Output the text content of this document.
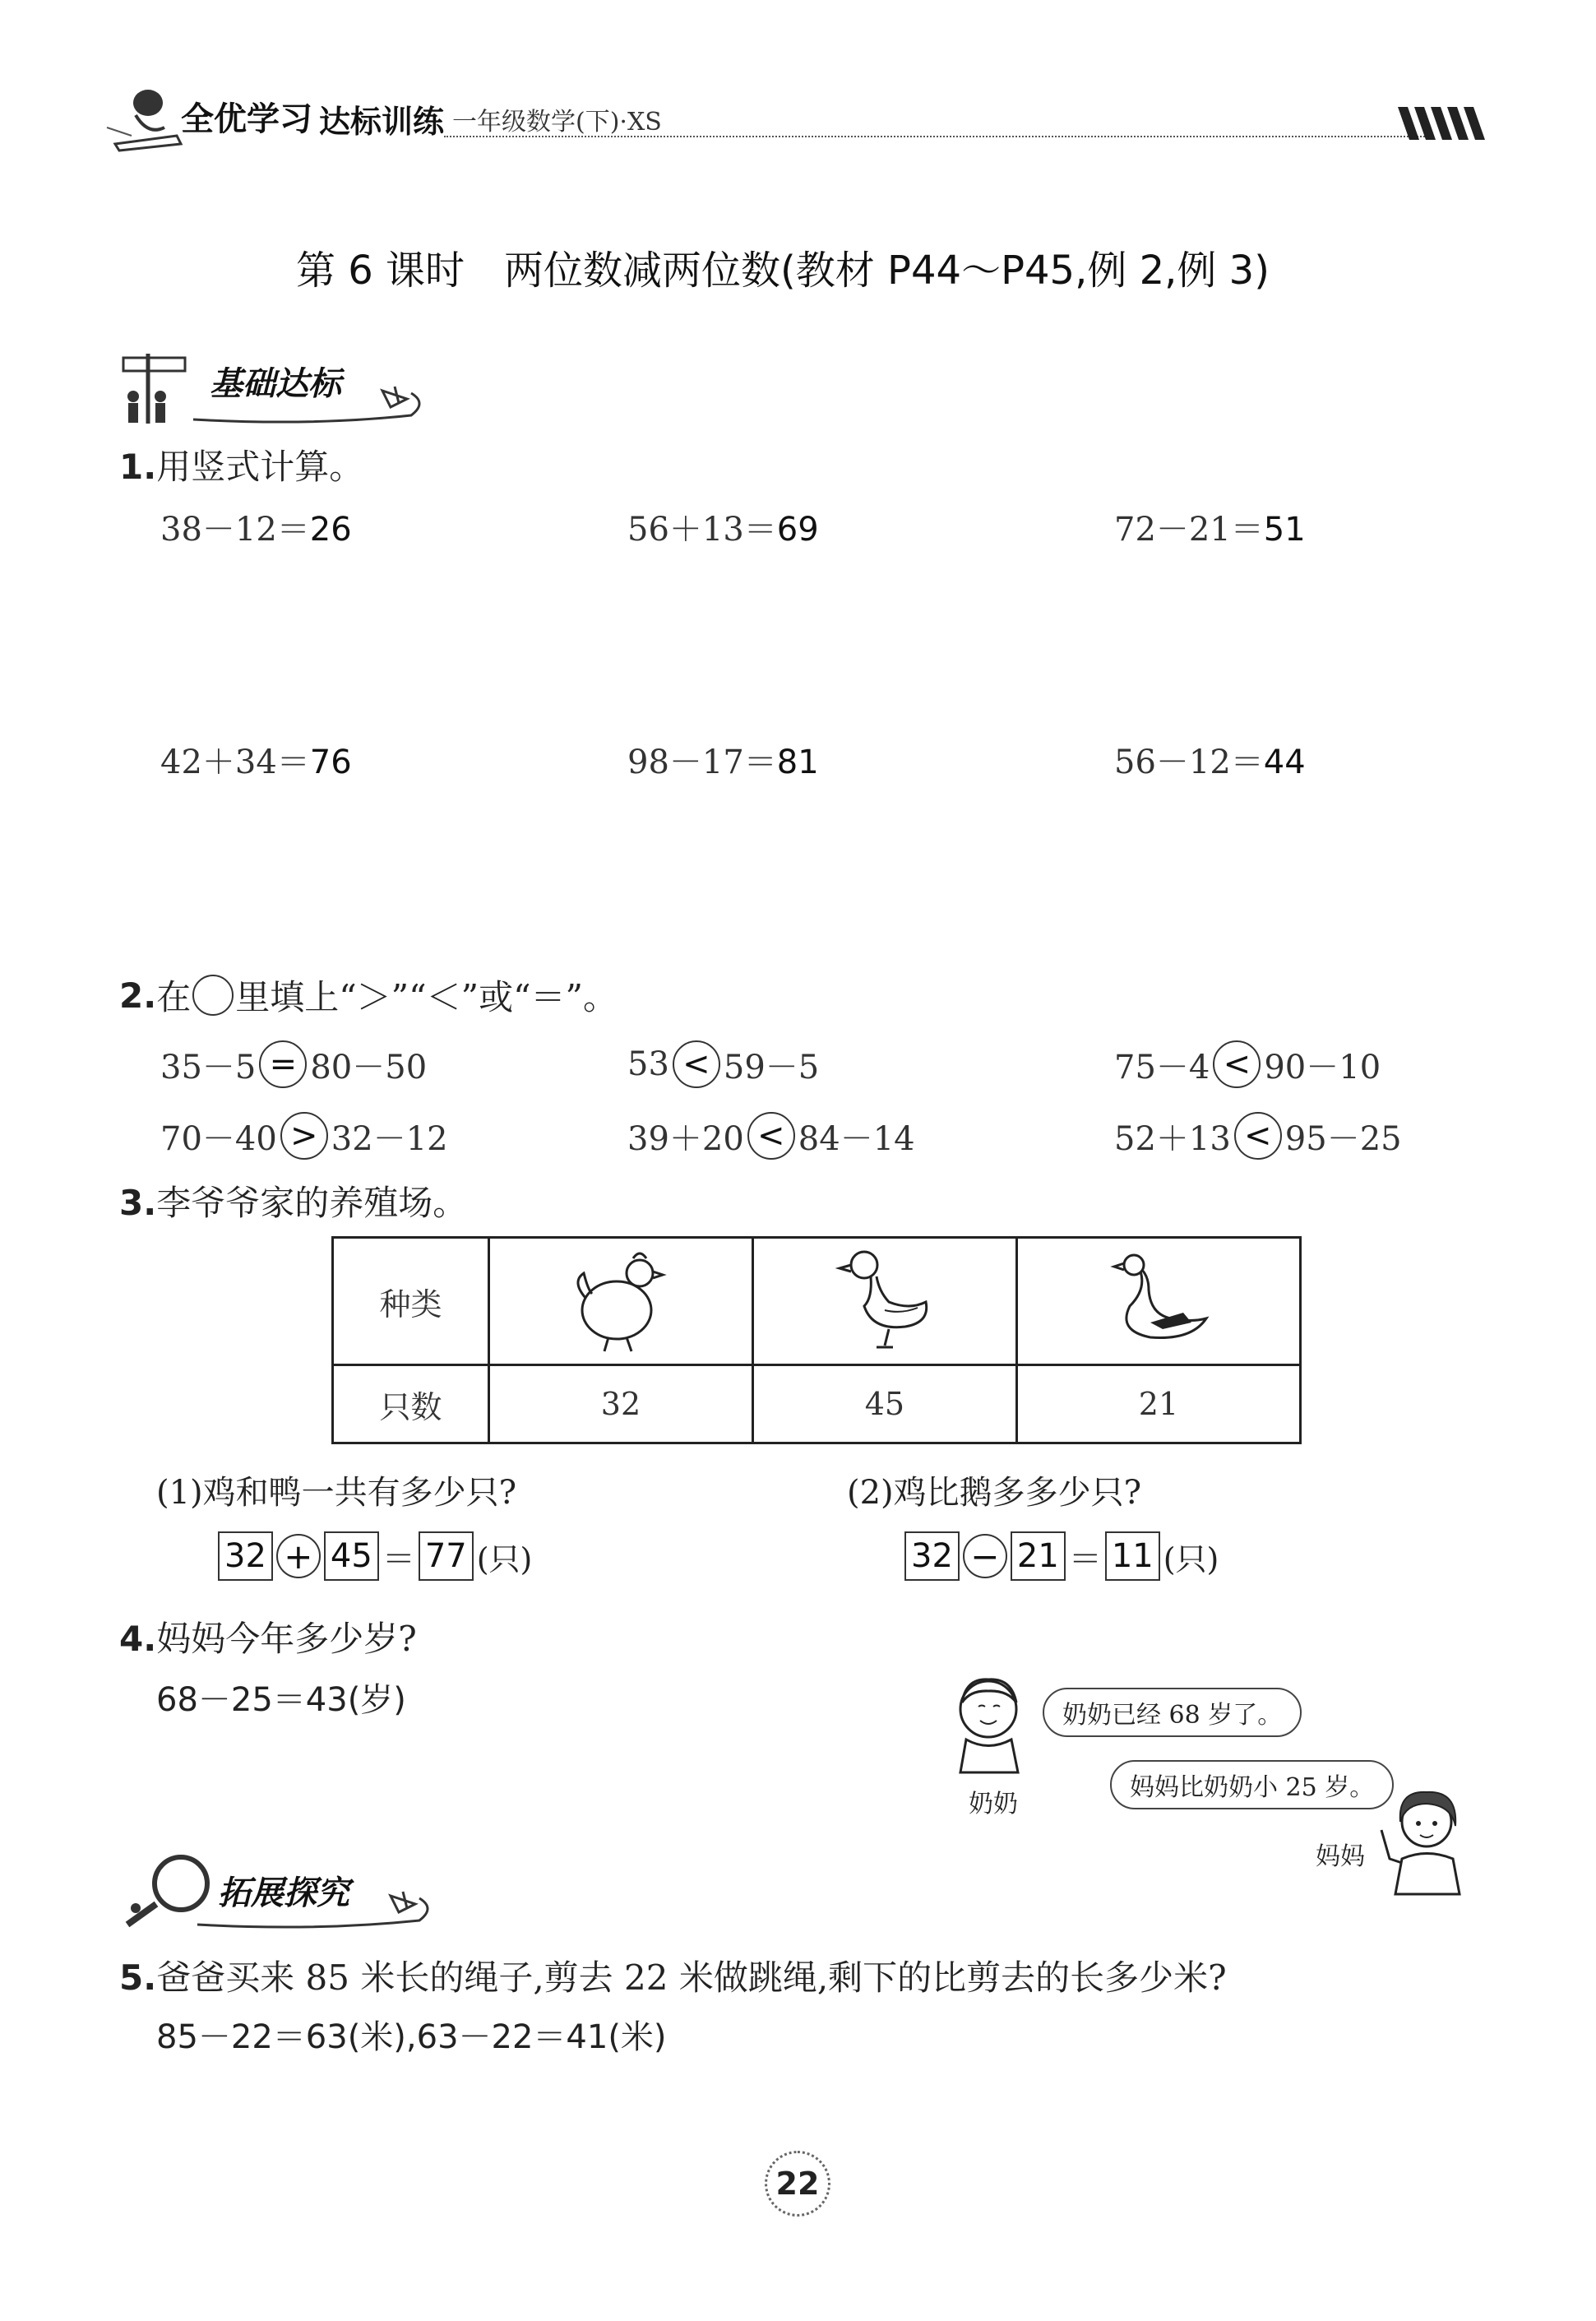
全优学习 达标训练 一年级数学(下)·XS
第 6 课时　两位数减两位数(教材 P44～P45,例 2,例 3)
基础达标
1.用竖式计算。
38－12＝26	56＋13＝69	72－21＝51
42＋34＝76	98－17＝81	56－12＝44
2. 在 里填上“＞”“＜”或“＝”。
35－5 = 80－50	53 < 59－5	75－4 < 90－10
70－40 > 32－12	39＋20 < 84－14	52＋13 < 95－25
3.李爷爷家的养殖场。
种类			
只数	32	45	21
(1)鸡和鸭一共有多少只?	(2)鸡比鹅多多少只?
32 + 45 ＝ 77 (只)	32 − 21 ＝ 11 (只)
4.妈妈今年多少岁?
68－25＝43(岁)	奶奶已经 68 岁了。
奶奶
妈妈比奶奶小 25 岁。
妈妈
拓展探究
5.爸爸买来 85 米长的绳子,剪去 22 米做跳绳,剩下的比剪去的长多少米?
85－22＝63(米),63－22＝41(米)
22
